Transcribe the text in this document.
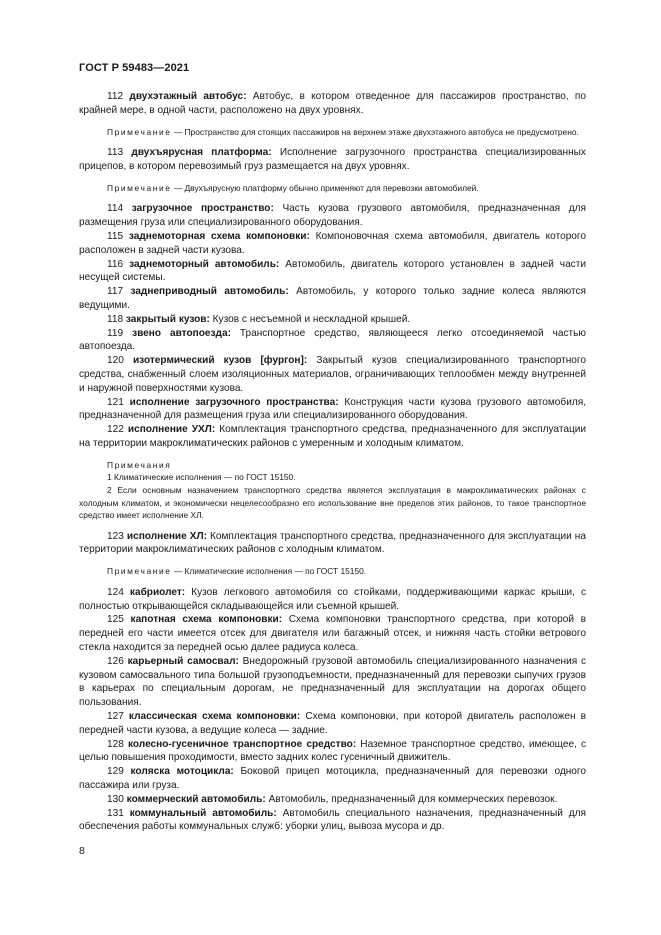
ГОСТ Р 59483—2021

112 двухэтажный автобус: Автобус, в котором отведенное для пассажиров пространство, по крайней мере, в одной части, расположено на двух уровнях.

Примечание — Пространство для стоящих пассажиров на верхнем этаже двухэтажного автобуса не предусмотрено.

113 двухъярусная платформа: Исполнение загрузочного пространства специализированных прицепов, в котором перевозимый груз размещается на двух уровнях.

Примечание — Двухъярусную платформу обычно применяют для перевозки автомобилей.

114 загрузочное пространство: Часть кузова грузового автомобиля, предназначенная для размещения груза или специализированного оборудования.

115 заднемоторная схема компоновки: Компоновочная схема автомобиля, двигатель которого расположен в задней части кузова.

116 заднемоторный автомобиль: Автомобиль, двигатель которого установлен в задней части несущей системы.

117 заднеприводный автомобиль: Автомобиль, у которого только задние колеса являются ведущими.

118 закрытый кузов: Кузов с несъемной и нескладной крышей.

119 звено автопоезда: Транспортное средство, являющееся легко отсоединяемой частью автопоезда.

120 изотермический кузов [фургон]: Закрытый кузов специализированного транспортного средства, снабженный слоем изоляционных материалов, ограничивающих теплообмен между внутренней и наружной поверхностями кузова.

121 исполнение загрузочного пространства: Конструкция части кузова грузового автомобиля, предназначенной для размещения груза или специализированного оборудования.

122 исполнение УХЛ: Комплектация транспортного средства, предназначенного для эксплуатации на территории макроклиматических районов с умеренным и холодным климатом.

Примечания

1 Климатические исполнения — по ГОСТ 15150.

2 Если основным назначением транспортного средства является эксплуатация в макроклиматических районах с холодным климатом, и экономически нецелесообразно его использование вне пределов этих районов, то такое транспортное средство имеет исполнение ХЛ.

123 исполнение ХЛ: Комплектация транспортного средства, предназначенного для эксплуатации на территории макроклиматических районов с холодным климатом.

Примечание — Климатические исполнения — по ГОСТ 15150.

124 кабриолет: Кузов легкового автомобиля со стойками, поддерживающими каркас крыши, с полностью открывающейся складывающейся или съемной крышей.

125 капотная схема компоновки: Схема компоновки транспортного средства, при которой в передней его части имеется отсек для двигателя или багажный отсек, и нижняя часть стойки ветрового стекла находится за передней осью далее радиуса колеса.

126 карьерный самосвал: Внедорожный грузовой автомобиль специализированного назначения с кузовом самосвального типа большой грузоподъемности, предназначенный для перевозки сыпучих грузов в карьерах по специальным дорогам, не предназначенный для эксплуатации на дорогах общего пользования.

127 классическая схема компоновки: Схема компоновки, при которой двигатель расположен в передней части кузова, а ведущие колеса — задние.

128 колесно-гусеничное транспортное средство: Наземное транспортное средство, имеющее, с целью повышения проходимости, вместо задних колес гусеничный движитель.

129 коляска мотоцикла: Боковой прицеп мотоцикла, предназначенный для перевозки одного пассажира или груза.

130 коммерческий автомобиль: Автомобиль, предназначенный для коммерческих перевозок.

131 коммунальный автомобиль: Автомобиль специального назначения, предназначенный для обеспечения работы коммунальных служб: уборки улиц, вывоза мусора и др.

8
